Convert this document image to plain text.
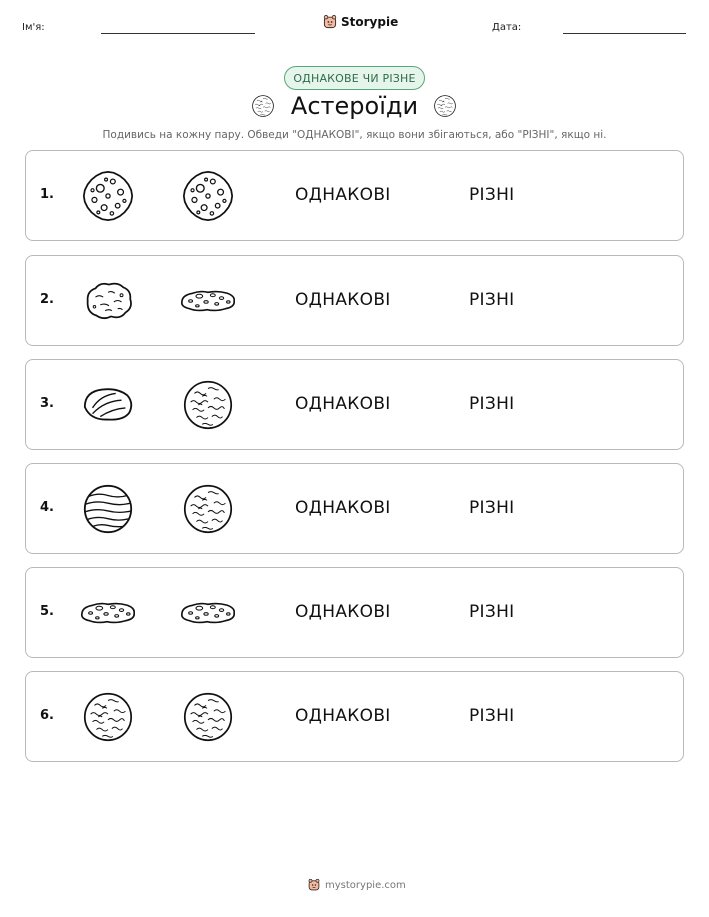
Ім'я:	Storypie	Дата:
ОДНАКОВЕ ЧИ РІЗНЕ
Астероїди
Подивись на кожну пару. Обведи "ОДНАКОВІ", якщо вони збігаються, або "РІЗНІ", якщо ні.
1.	ОДНАКОВІ	РІЗНІ
2.	ОДНАКОВІ	РІЗНІ
3.	ОДНАКОВІ	РІЗНІ
4.	ОДНАКОВІ	РІЗНІ
5.	ОДНАКОВІ	РІЗНІ
6.	ОДНАКОВІ	РІЗНІ
mystorypie.com
